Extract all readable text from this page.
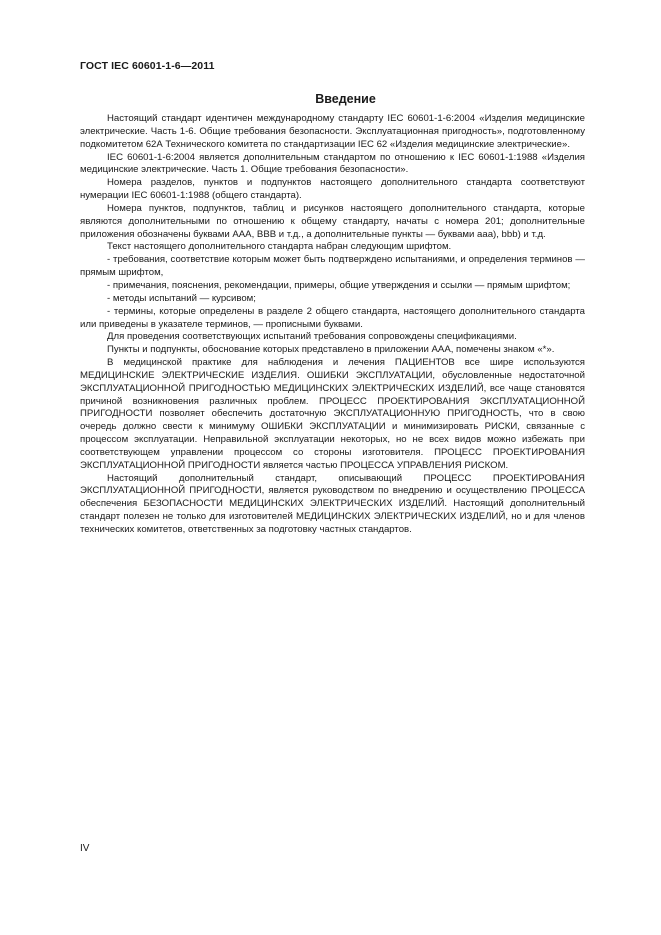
ГОСТ IEC 60601-1-6—2011
Введение

Настоящий стандарт идентичен международному стандарту IEC 60601-1-6:2004 «Изделия медицинские электрические. Часть 1-6. Общие требования безопасности. Эксплуатационная пригодность», подготовленному подкомитетом 62А Технического комитета по стандартизации IEC 62 «Изделия медицинские электрические».

IEC 60601-1-6:2004 является дополнительным стандартом по отношению к IEC 60601-1:1988 «Изделия медицинские электрические. Часть 1. Общие требования безопасности».

Номера разделов, пунктов и подпунктов настоящего дополнительного стандарта соответствуют нумерации IEC 60601-1:1988 (общего стандарта).

Номера пунктов, подпунктов, таблиц и рисунков настоящего дополнительного стандарта, которые являются дополнительными по отношению к общему стандарту, начаты с номера 201; дополнительные приложения обозначены буквами ААА, ВВВ и т.д., а дополнительные пункты — буквами ааа), bbb) и т.д.

Текст настоящего дополнительного стандарта набран следующим шрифтом.

- требования, соответствие которым может быть подтверждено испытаниями, и определения терминов — прямым шрифтом,

- примечания, пояснения, рекомендации, примеры, общие утверждения и ссылки — прямым шрифтом;

- методы испытаний — курсивом;

- термины, которые определены в разделе 2 общего стандарта, настоящего дополнительного стандарта или приведены в указателе терминов, — прописными буквами.

Для проведения соответствующих испытаний требования сопровождены спецификациями.

Пункты и подпункты, обоснование которых представлено в приложении ААА, помечены знаком «*».

В медицинской практике для наблюдения и лечения ПАЦИЕНТОВ все шире используются МЕДИЦИНСКИЕ ЭЛЕКТРИЧЕСКИЕ ИЗДЕЛИЯ. ОШИБКИ ЭКСПЛУАТАЦИИ, обусловленные недостаточной ЭКСПЛУАТАЦИОННОЙ ПРИГОДНОСТЬЮ МЕДИЦИНСКИХ ЭЛЕКТРИЧЕСКИХ ИЗДЕЛИЙ, все чаще становятся причиной возникновения различных проблем. ПРОЦЕСС ПРОЕКТИРОВАНИЯ ЭКСПЛУАТАЦИОННОЙ ПРИГОДНОСТИ позволяет обеспечить достаточную ЭКСПЛУАТАЦИОННУЮ ПРИГОДНОСТЬ, что в свою очередь должно свести к минимуму ОШИБКИ ЭКСПЛУАТАЦИИ и минимизировать РИСКИ, связанные с процессом эксплуатации. Неправильной эксплуатации некоторых, но не всех видов можно избежать при соответствующем управлении процессом со стороны изготовителя. ПРОЦЕСС ПРОЕКТИРОВАНИЯ ЭКСПЛУАТАЦИОННОЙ ПРИГОДНОСТИ является частью ПРОЦЕССА УПРАВЛЕНИЯ РИСКОМ.

Настоящий дополнительный стандарт, описывающий ПРОЦЕСС ПРОЕКТИРОВАНИЯ ЭКСПЛУАТАЦИОННОЙ ПРИГОДНОСТИ, является руководством по внедрению и осуществлению ПРОЦЕССА обеспечения БЕЗОПАСНОСТИ МЕДИЦИНСКИХ ЭЛЕКТРИЧЕСКИХ ИЗДЕЛИЙ. Настоящий дополнительный стандарт полезен не только для изготовителей МЕДИЦИНСКИХ ЭЛЕКТРИЧЕСКИХ ИЗДЕЛИЙ, но и для членов технических комитетов, ответственных за подготовку частных стандартов.

IV
